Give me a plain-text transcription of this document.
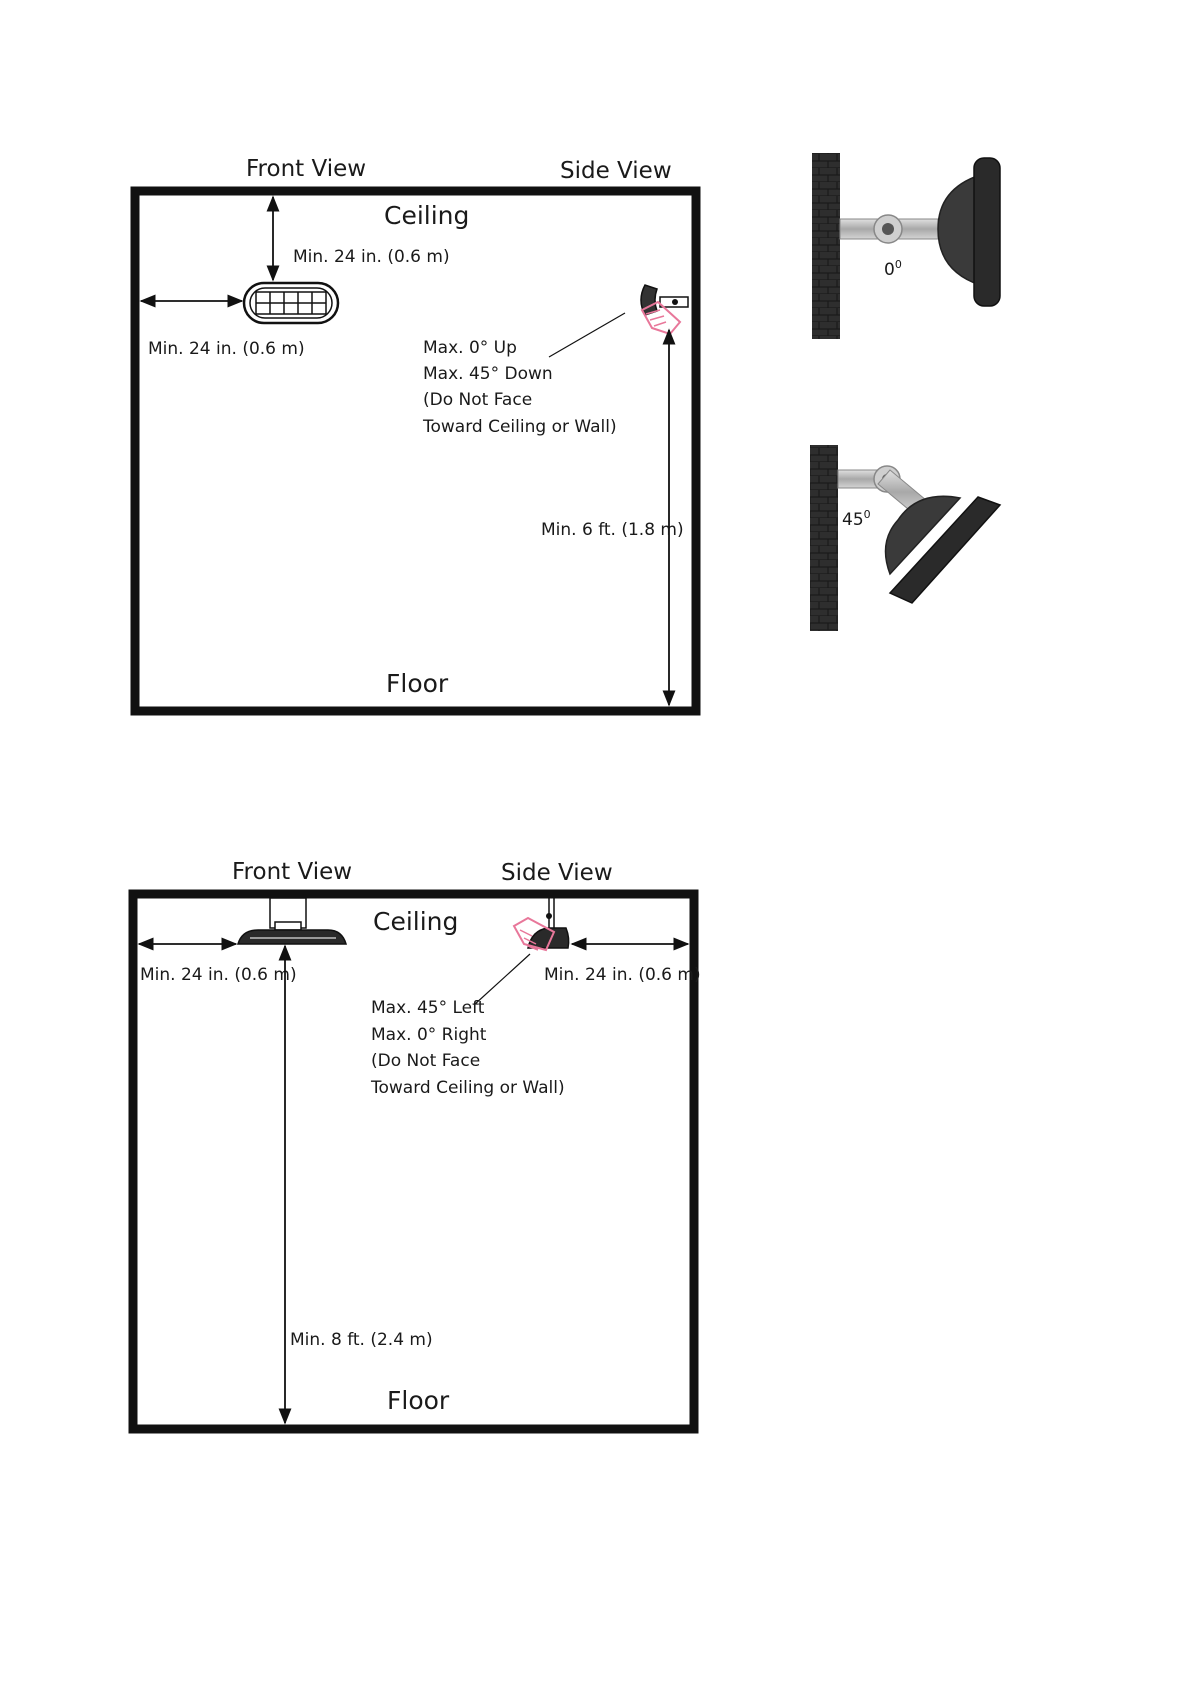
Front View	Side View
Ceiling
Floor
Min. 24 in. (0.6 m)
Min. 24 in. (0.6 m)	Max. 0° Up
Max. 45° Down
(Do Not Face
Toward Ceiling or Wall)
Min. 6 ft. (1.8 m)
Front View	Side View
Ceiling
Floor
Min. 24 in. (0.6 m)
Min. 8 ft. (2.4 m)
Min. 24 in. (0.6 m)
Max. 45° Left
Max. 0° Right
(Do Not Face
Toward Ceiling or Wall)
$0^0$
$45^0$
